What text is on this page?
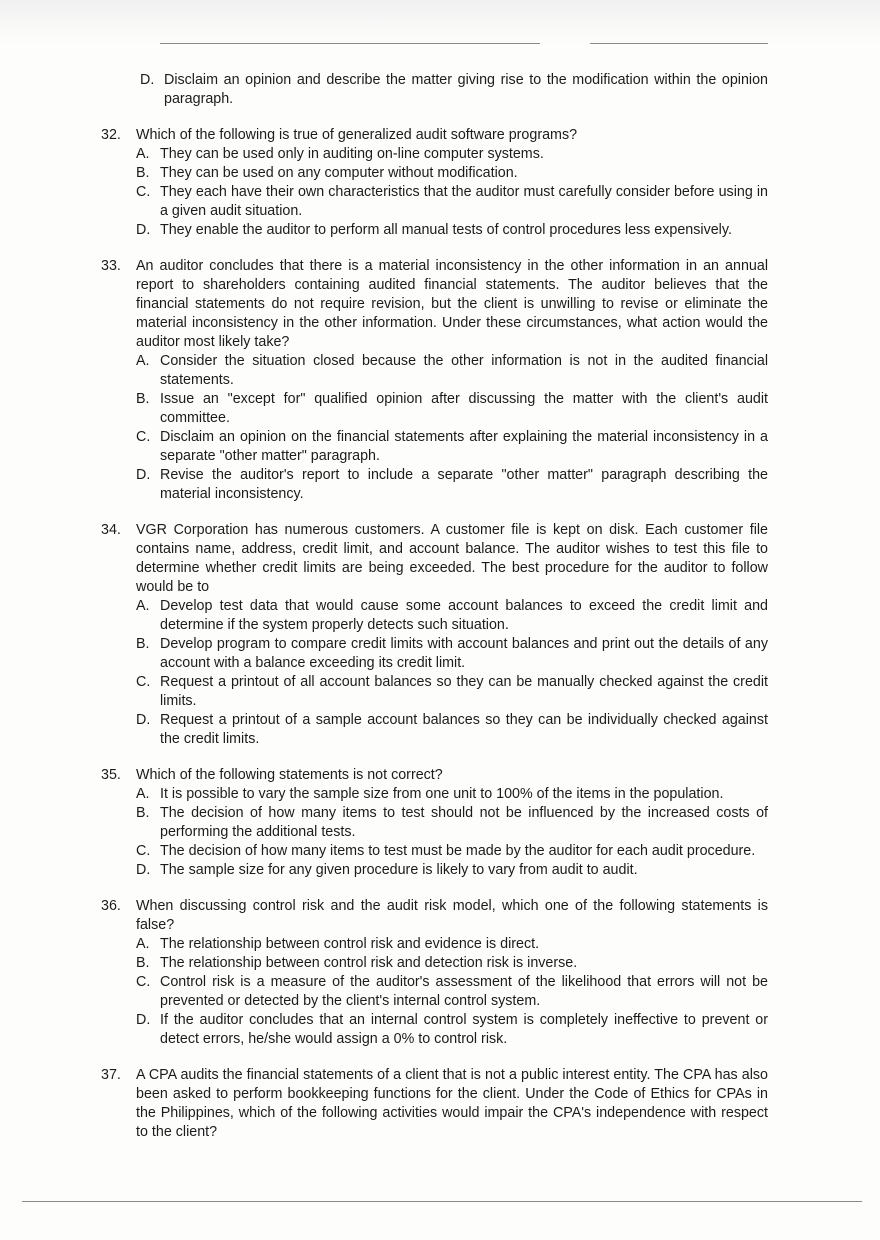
D. Disclaim an opinion and describe the matter giving rise to the modification within the opinion paragraph.
32.	Which of the following is true of generalized audit software programs?
A. They can be used only in auditing on-line computer systems.
B. They can be used on any computer without modification.
C. They each have their own characteristics that the auditor must carefully consider before using in a given audit situation.
D. They enable the auditor to perform all manual tests of control procedures less expensively.
33.	An auditor concludes that there is a material inconsistency in the other information in an annual report to shareholders containing audited financial statements. The auditor believes that the financial statements do not require revision, but the client is unwilling to revise or eliminate the material inconsistency in the other information. Under these circumstances, what action would the auditor most likely take?
A. Consider the situation closed because the other information is not in the audited financial statements.
B. Issue an "except for" qualified opinion after discussing the matter with the client's audit committee.
C. Disclaim an opinion on the financial statements after explaining the material inconsistency in a separate "other matter" paragraph.
D. Revise the auditor's report to include a separate "other matter" paragraph describing the material inconsistency.
34.	VGR Corporation has numerous customers. A customer file is kept on disk. Each customer file contains name, address, credit limit, and account balance. The auditor wishes to test this file to determine whether credit limits are being exceeded. The best procedure for the auditor to follow would be to
A. Develop test data that would cause some account balances to exceed the credit limit and determine if the system properly detects such situation.
B. Develop program to compare credit limits with account balances and print out the details of any account with a balance exceeding its credit limit.
C. Request a printout of all account balances so they can be manually checked against the credit limits.
D. Request a printout of a sample account balances so they can be individually checked against the credit limits.
35.	Which of the following statements is not correct?
A. It is possible to vary the sample size from one unit to 100% of the items in the population.
B. The decision of how many items to test should not be influenced by the increased costs of performing the additional tests.
C. The decision of how many items to test must be made by the auditor for each audit procedure.
D. The sample size for any given procedure is likely to vary from audit to audit.
36.	When discussing control risk and the audit risk model, which one of the following statements is false?
A. The relationship between control risk and evidence is direct.
B. The relationship between control risk and detection risk is inverse.
C. Control risk is a measure of the auditor's assessment of the likelihood that errors will not be prevented or detected by the client's internal control system.
D. If the auditor concludes that an internal control system is completely ineffective to prevent or detect errors, he/she would assign a 0% to control risk.
37.	A CPA audits the financial statements of a client that is not a public interest entity. The CPA has also been asked to perform bookkeeping functions for the client. Under the Code of Ethics for CPAs in the Philippines, which of the following activities would impair the CPA's independence with respect to the client?
